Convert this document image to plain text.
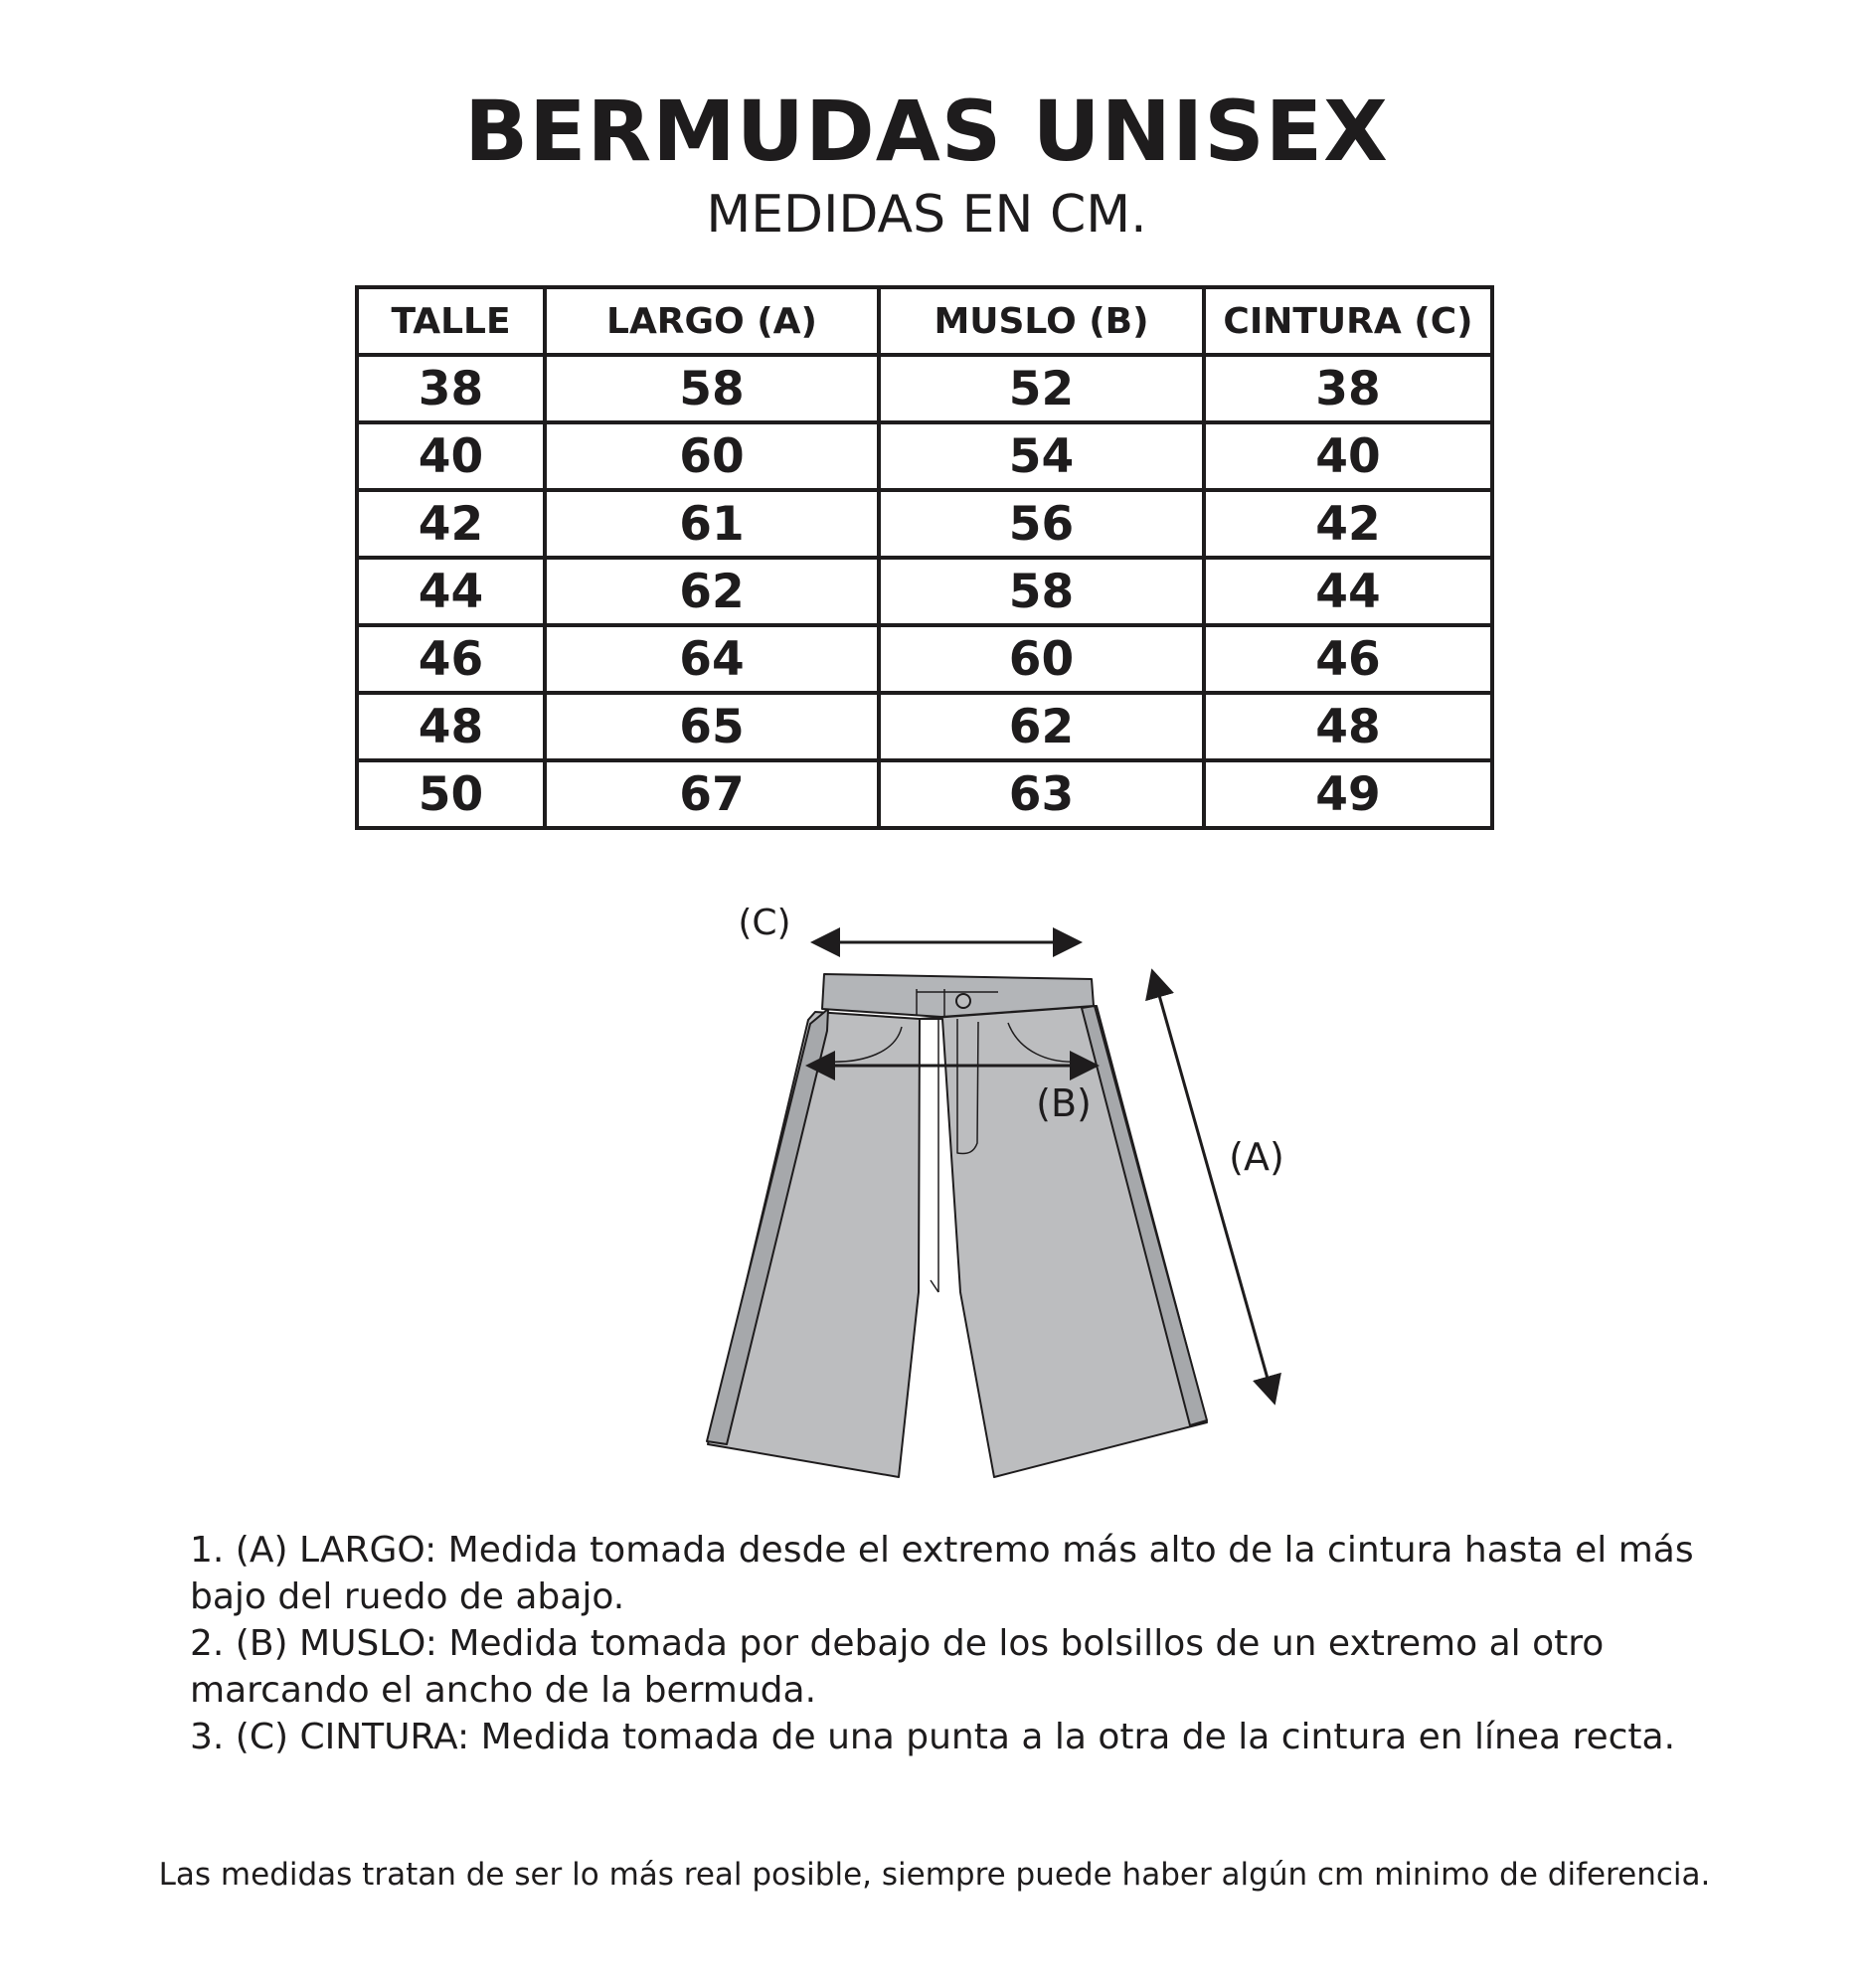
BERMUDAS UNISEX

MEDIDAS EN CM.

TALLE	LARGO (A)	MUSLO (B)	CINTURA (C)
38	58	52	38
40	60	54	40
42	61	56	42
44	62	58	44
46	64	60	46
48	65	62	48
50	67	63	49
(C)
(B)
(A)
1. (A) LARGO: Medida tomada desde el extremo más alto de la cintura hasta el más bajo del ruedo de abajo.
2. (B) MUSLO: Medida tomada por debajo de los bolsillos de un extremo al otro marcando el ancho de la bermuda.
3. (C) CINTURA: Medida tomada de una punta a la otra de la cintura en línea recta.

Las medidas tratan de ser lo más real posible, siempre puede haber algún cm minimo de diferencia.
